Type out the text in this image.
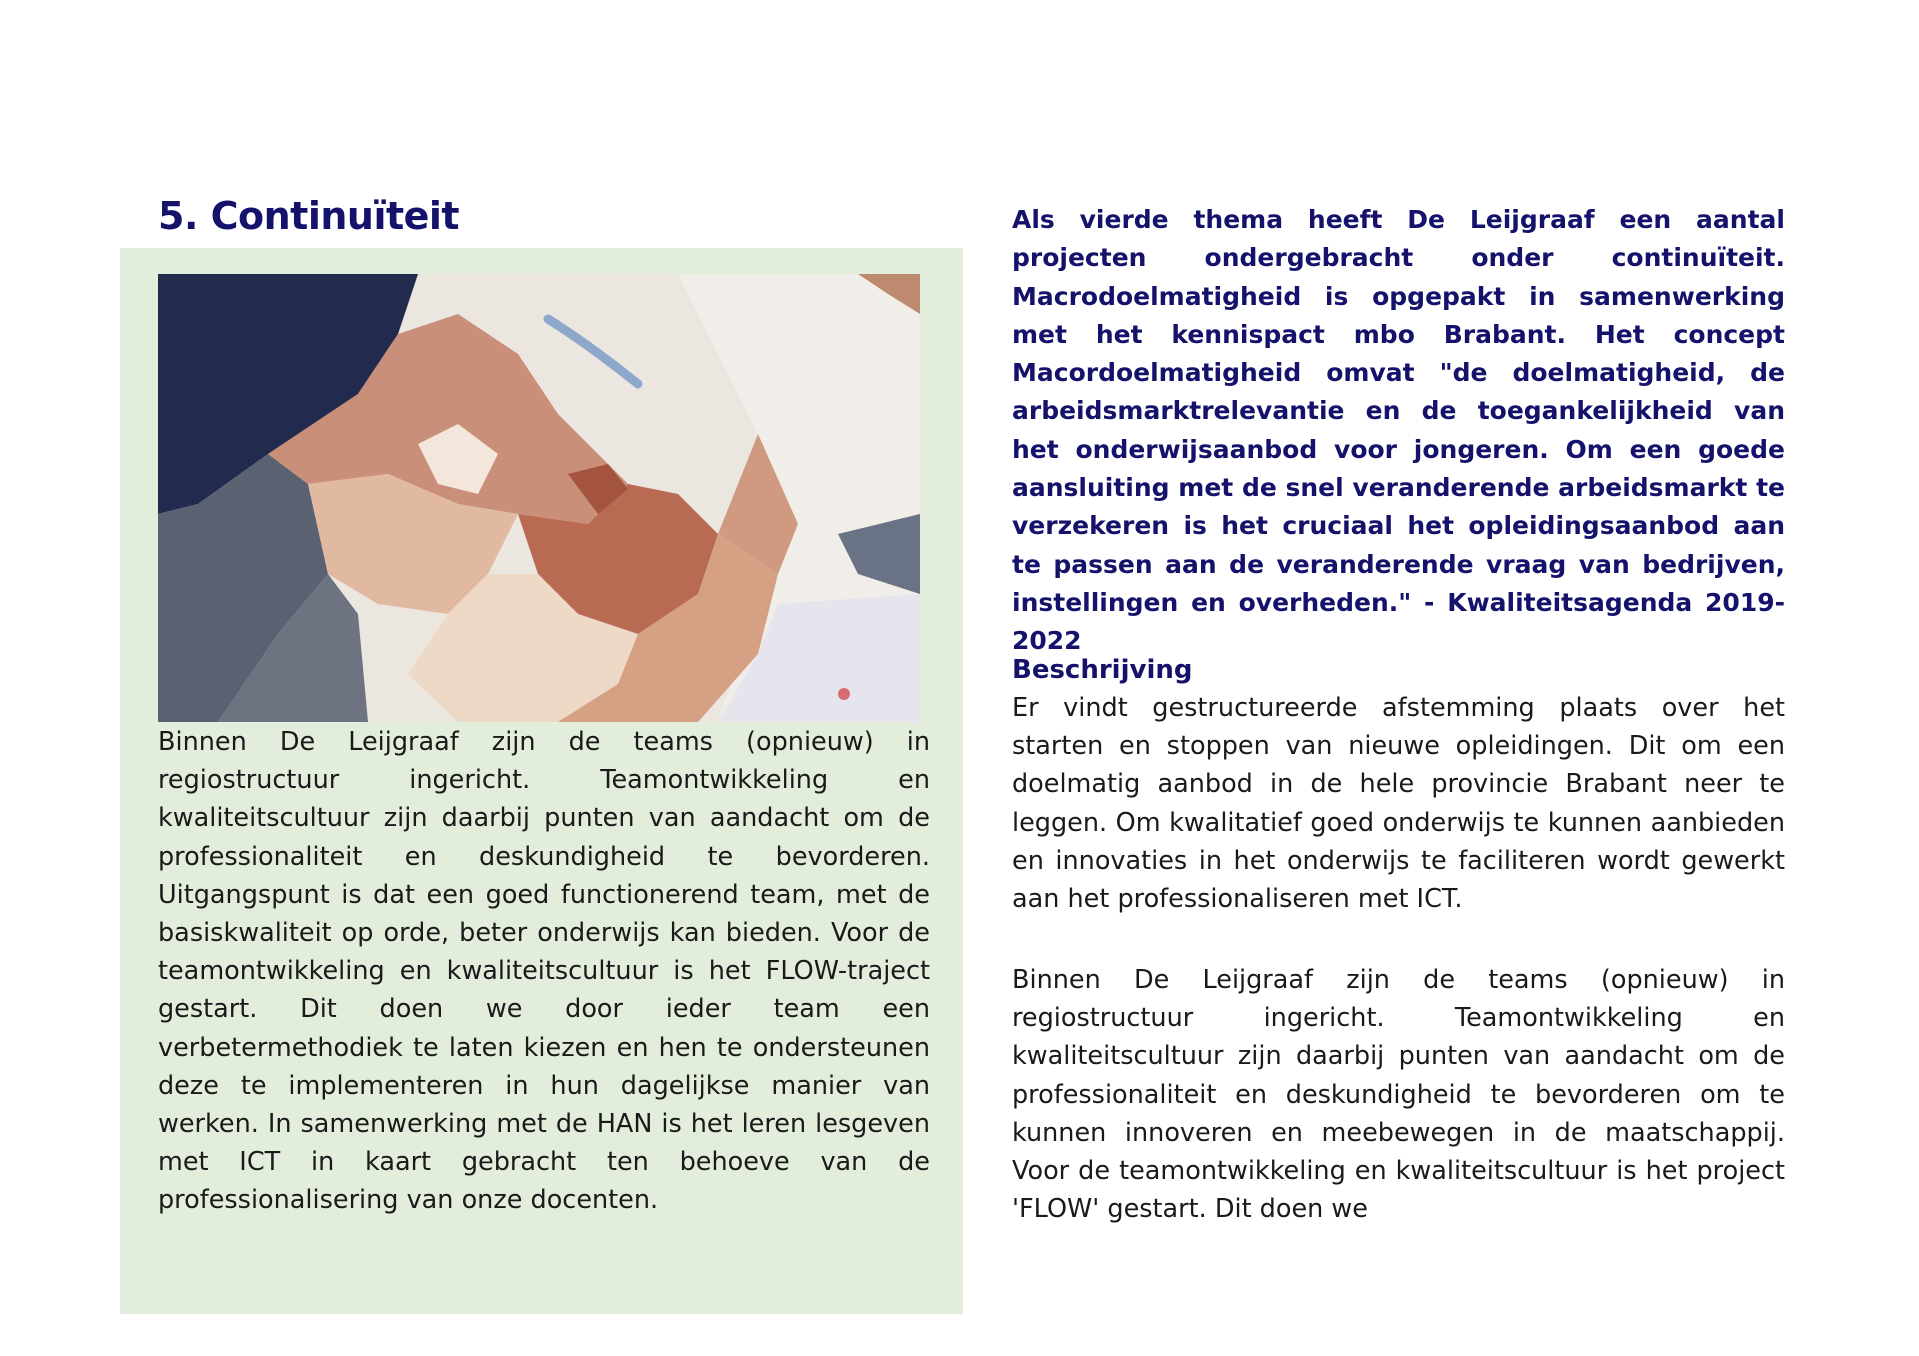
5. Continuïteit

Binnen De Leijgraaf zijn de teams (opnieuw) in regiostructuur ingericht. Teamontwikkeling en kwaliteitscultuur zijn daarbij punten van aandacht om de professionaliteit en deskundigheid te bevorderen. Uitgangspunt is dat een goed functionerend team, met de basiskwaliteit op orde, beter onderwijs kan bieden. Voor de teamontwikkeling en kwaliteitscultuur is het FLOW-traject gestart. Dit doen we door ieder team een verbetermethodiek te laten kiezen en hen te ondersteunen deze te implementeren in hun dagelijkse manier van werken. In samenwerking met de HAN is het leren lesgeven met ICT in kaart gebracht ten behoeve van de professionalisering van onze docenten.

Als vierde thema heeft De Leijgraaf een aantal projecten ondergebracht onder continuïteit. Macrodoelmatigheid is opgepakt in samenwerking met het kennispact mbo Brabant. Het concept Macordoelmatigheid omvat "de doelmatigheid, de arbeidsmarktrelevantie en de toegankelijkheid van het onderwijsaanbod voor jongeren. Om een goede aansluiting met de snel veranderende arbeidsmarkt te verzekeren is het cruciaal het opleidingsaanbod aan te passen aan de veranderende vraag van bedrijven, instellingen en overheden." - Kwaliteitsagenda 2019-2022

Beschrijving

Er vindt gestructureerde afstemming plaats over het starten en stoppen van nieuwe opleidingen. Dit om een doelmatig aanbod in de hele provincie Brabant neer te leggen. Om kwalitatief goed onderwijs te kunnen aanbieden en innovaties in het onderwijs te faciliteren wordt gewerkt aan het professionaliseren met ICT.

Binnen De Leijgraaf zijn de teams (opnieuw) in regiostructuur ingericht. Teamontwikkeling en kwaliteitscultuur zijn daarbij punten van aandacht om de professionaliteit en deskundigheid te bevorderen om te kunnen innoveren en meebewegen in de maatschappij. Voor de teamontwikkeling en kwaliteitscultuur is het project 'FLOW' gestart. Dit doen we
